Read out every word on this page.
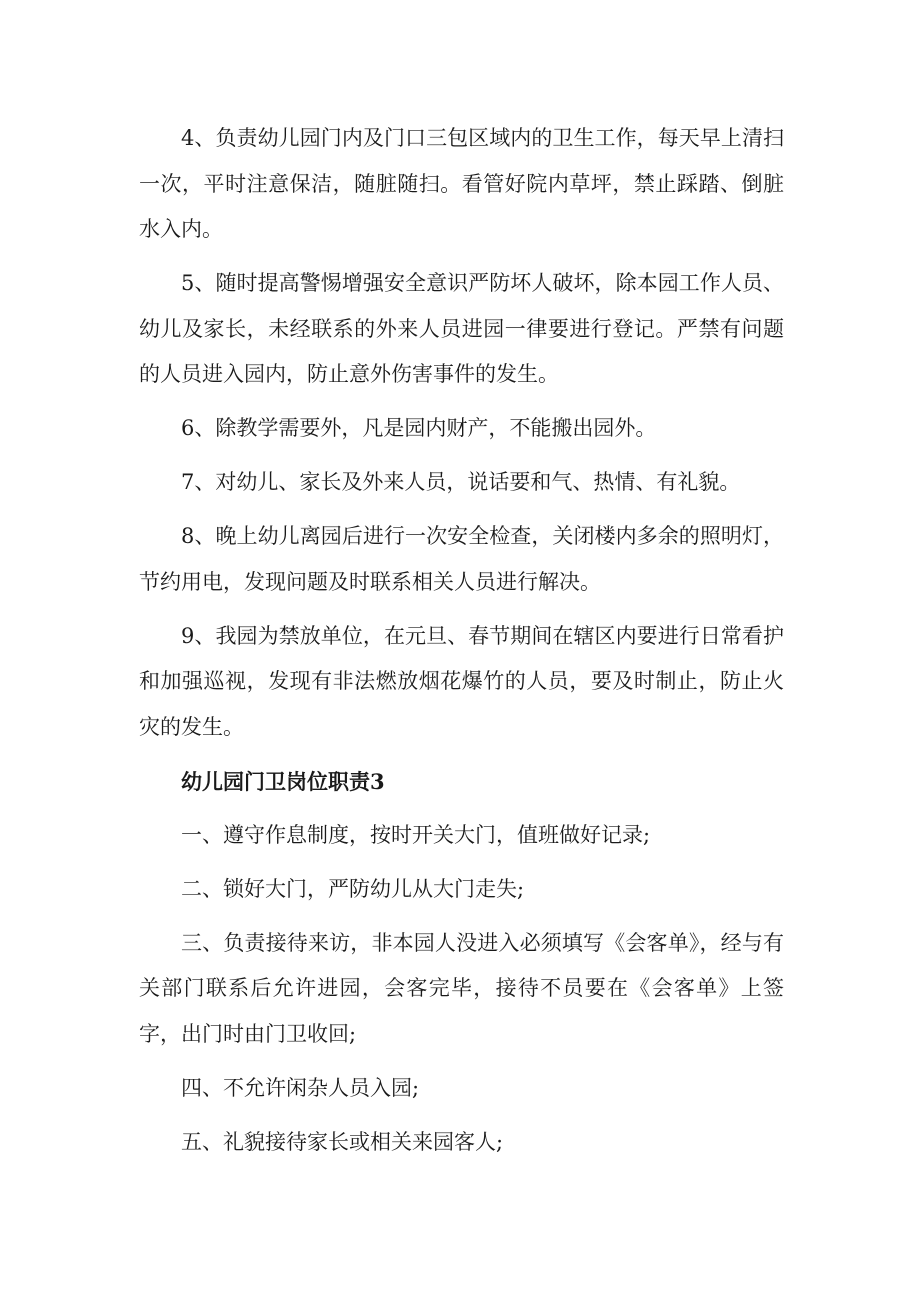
4、负责幼儿园门内及门口三包区域内的卫生工作，每天早上清扫一次，平时注意保洁，随脏随扫。看管好院内草坪，禁止踩踏、倒脏水入内。

5、随时提高警惕增强安全意识严防坏人破坏，除本园工作人员、幼儿及家长，未经联系的外来人员进园一律要进行登记。严禁有问题的人员进入园内，防止意外伤害事件的发生。

6、除教学需要外，凡是园内财产，不能搬出园外。

7、对幼儿、家长及外来人员，说话要和气、热情、有礼貌。

8、晚上幼儿离园后进行一次安全检查，关闭楼内多余的照明灯，节约用电，发现问题及时联系相关人员进行解决。

9、我园为禁放单位，在元旦、春节期间在辖区内要进行日常看护和加强巡视，发现有非法燃放烟花爆竹的人员，要及时制止，防止火灾的发生。

幼儿园门卫岗位职责3

一、遵守作息制度，按时开关大门，值班做好记录;

二、锁好大门，严防幼儿从大门走失;

三、负责接待来访，非本园人没进入必须填写《会客单》，经与有关部门联系后允许进园，会客完毕，接待不员要在《会客单》上签字，出门时由门卫收回;

四、不允许闲杂人员入园;

五、礼貌接待家长或相关来园客人;
